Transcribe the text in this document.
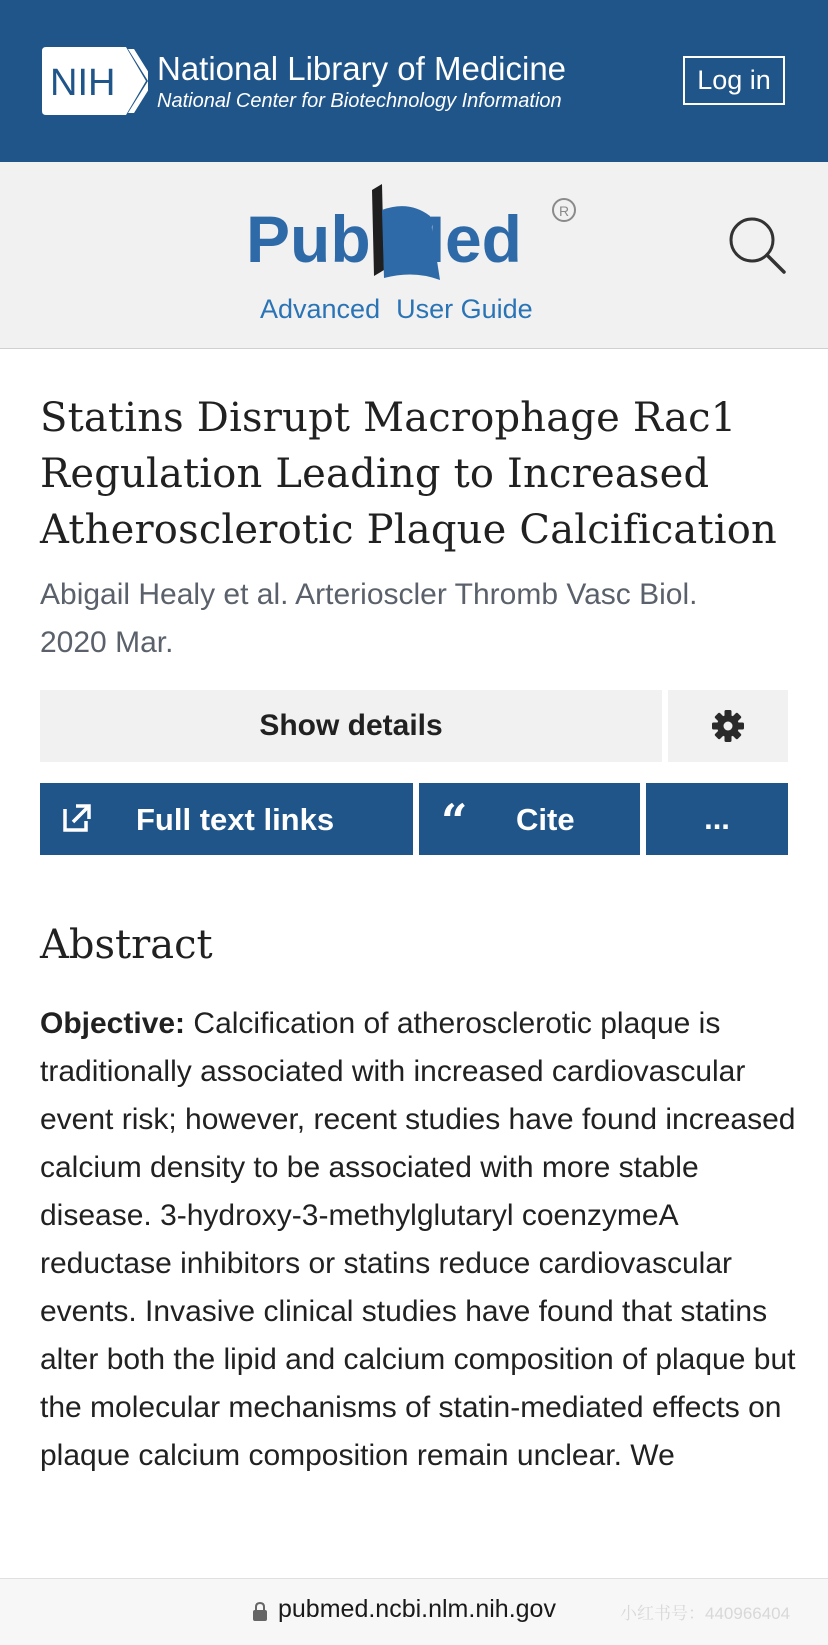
NIH National Library of Medicine
National Center for Biotechnology Information
Log in
Pub Med	R
Advanced User Guide
Statins Disrupt Macrophage Rac1 Regulation Leading to Increased Atherosclerotic Plaque Calcification
Abigail Healy et al. Arterioscler Thromb Vasc Biol. 2020 Mar.
Show details
Full text links “ Cite	...
Abstract
Objective: Calcification of atherosclerotic plaque is traditionally associated with increased cardiovascular event risk; however, recent studies have found increased calcium density to be associated with more stable disease. 3-hydroxy-3-methylglutaryl coenzymeA reductase inhibitors or statins reduce cardiovascular events. Invasive clinical studies have found that statins alter both the lipid and calcium composition of plaque but the molecular mechanisms of statin-mediated effects on plaque calcium composition remain unclear. We
pubmed.ncbi.nlm.nih.gov	小红书号：440966404
